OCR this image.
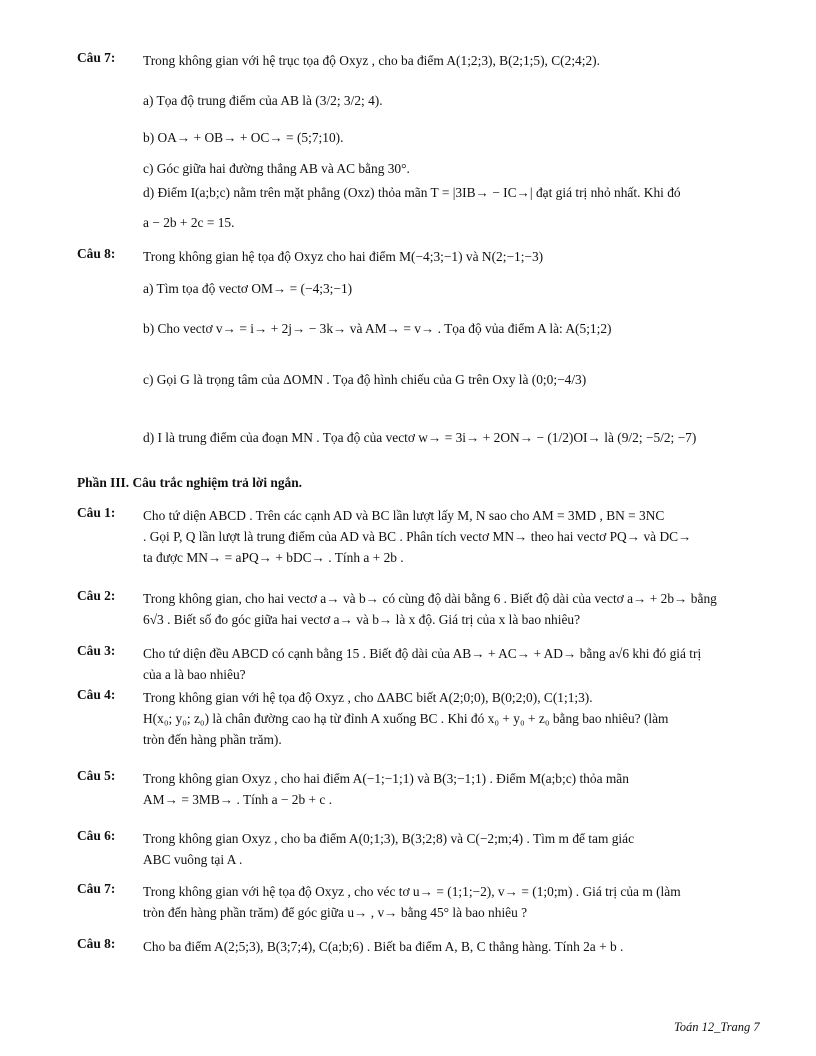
Câu 7: Trong không gian với hệ trục tọa độ Oxyz , cho ba điểm A(1;2;3), B(2;1;5), C(2;4;2).
a) Tọa độ trung điểm của AB là (3/2; 3/2; 4).
b) OA→ + OB→ + OC→ = (5;7;10).
c) Góc giữa hai đường thẳng AB và AC bằng 30°.
d) Điểm I(a;b;c) nằm trên mặt phẳng (Oxz) thỏa mãn T = |3IB→ − IC→| đạt giá trị nhỏ nhất. Khi đó
a − 2b + 2c = 15.
Câu 8: Trong không gian hệ tọa độ Oxyz cho hai điểm M(−4;3;−1) và N(2;−1;−3)
a) Tìm tọa độ vectơ OM→ = (−4;3;−1)
b) Cho vectơ v→ = i→ + 2j→ − 3k→ và AM→ = v→ . Tọa độ vủa điểm A là: A(5;1;2)
c) Gọi G là trọng tâm của ΔOMN . Tọa độ hình chiếu của G trên Oxy là (0;0;−4/3)
d) I là trung điểm của đoạn MN . Tọa độ của vectơ w→ = 3i→ + 2ON→ − (1/2)OI→ là (9/2; −5/2; −7)
Phần III. Câu trắc nghiệm trả lời ngắn.
Câu 1: Cho tứ diện ABCD . Trên các cạnh AD và BC lần lượt lấy M, N sao cho AM = 3MD , BN = 3NC
. Gọi P, Q lần lượt là trung điểm của AD và BC . Phân tích vectơ MN→ theo hai vectơ PQ→ và DC→
ta được MN→ = aPQ→ + bDC→ . Tính a + 2b .
Câu 2: Trong không gian, cho hai vectơ a→ và b→ có cùng độ dài bằng 6 . Biết độ dài của vectơ a→ + 2b→ bằng
6√3 . Biết số đo góc giữa hai vectơ a→ và b→ là x độ. Giá trị của x là bao nhiêu?
Câu 3: Cho tứ diện đều ABCD có cạnh bằng 15 . Biết độ dài của AB→ + AC→ + AD→ bằng a√6 khi đó giá trị
của a là bao nhiêu?
Câu 4: Trong không gian với hệ tọa độ Oxyz , cho ΔABC biết A(2;0;0), B(0;2;0), C(1;1;3).
H(x₀; y₀; z₀) là chân đường cao hạ từ đỉnh A xuống BC . Khi đó x₀ + y₀ + z₀ bằng bao nhiêu? (làm
tròn đến hàng phần trăm).
Câu 5: Trong không gian Oxyz , cho hai điểm A(−1;−1;1) và B(3;−1;1) . Điểm M(a;b;c) thỏa mãn
AM→ = 3MB→ . Tính a − 2b + c .
Câu 6: Trong không gian Oxyz , cho ba điểm A(0;1;3), B(3;2;8) và C(−2;m;4) . Tìm m để tam giác
ABC vuông tại A .
Câu 7: Trong không gian với hệ tọa độ Oxyz , cho véc tơ u→ = (1;1;−2), v→ = (1;0;m) . Giá trị của m (làm
tròn đến hàng phần trăm) để góc giữa u→ , v→ bằng 45° là bao nhiêu ?
Câu 8: Cho ba điểm A(2;5;3), B(3;7;4), C(a;b;6) . Biết ba điểm A, B, C thẳng hàng. Tính 2a + b .
Toán 12_Trang 7
